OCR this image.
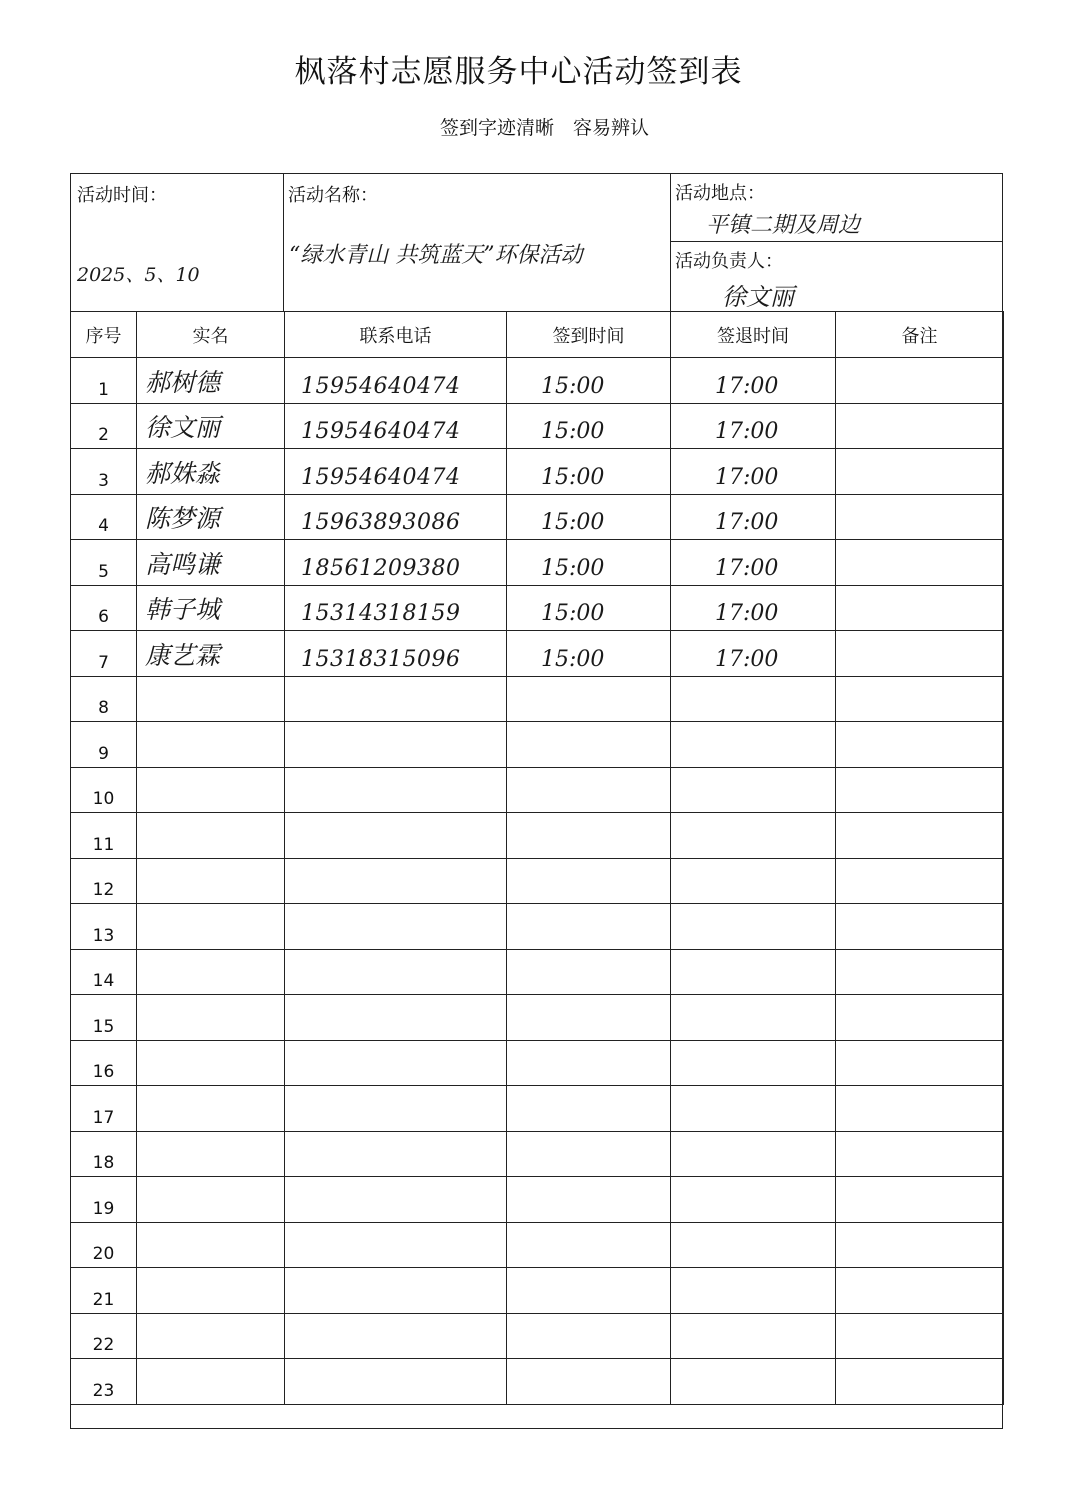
枫落村志愿服务中心活动签到表
签到字迹清晰　容易辨认
活动时间：
2025、5、10
活动名称：
“绿水青山 共筑蓝天”环保活动
活动地点：
平镇二期及周边
活动负责人：
徐文丽
序号	实名	联系电话	签到时间	签退时间	备注
1	郝树德	15954640474	15:00	17:00	
2	徐文丽	15954640474	15:00	17:00	
3	郝姝淼	15954640474	15:00	17:00	
4	陈梦源	15963893086	15:00	17:00	
5	高鸣谦	18561209380	15:00	17:00	
6	韩子城	15314318159	15:00	17:00	
7	康艺霖	15318315096	15:00	17:00	
8					
9					
10					
11					
12					
13					
14					
15					
16					
17					
18					
19					
20					
21					
22					
23					
